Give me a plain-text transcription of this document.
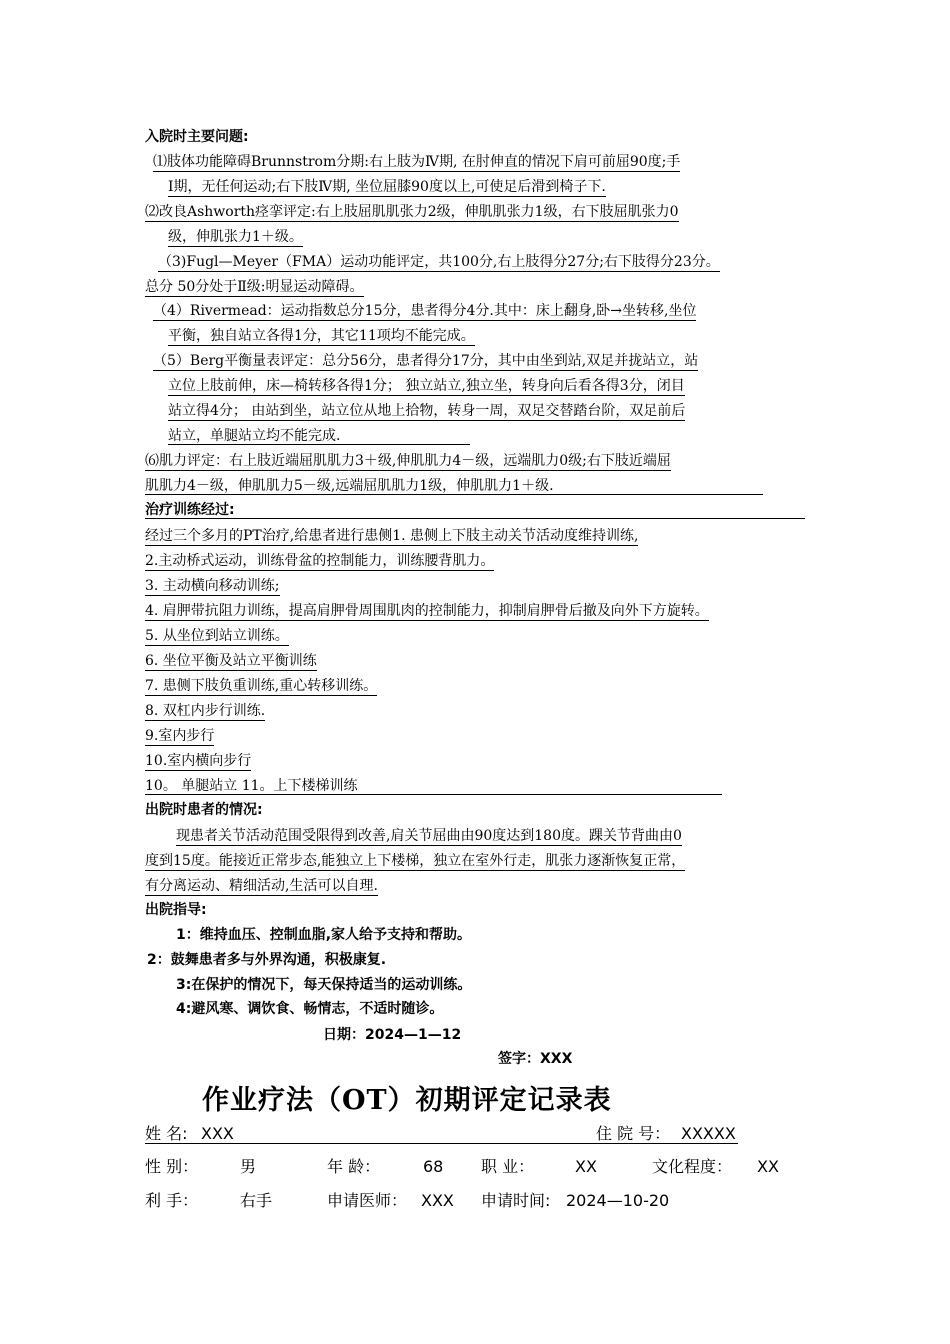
入院时主要问题:
⑴肢体功能障碍Brunnstrom分期:右上肢为Ⅳ期, 在肘伸直的情况下肩可前屈90度;手
Ⅰ期，无任何运动;右下肢Ⅳ期, 坐位屈膝90度以上,可使足后滑到椅子下.
⑵改良Ashworth痉挛评定:右上肢屈肌肌张力2级，伸肌肌张力1级，右下肢屈肌张力0
级，伸肌张力1＋级。
（3)Fugl—Meyer（FMA）运动功能评定，共100分,右上肢得分27分;右下肢得分23分。
总分 50分处于Ⅱ级:明显运动障碍。
（4）Rivermead：运动指数总分15分，患者得分4分.其中：床上翻身,卧→坐转移,坐位
平衡，独自站立各得1分，其它11项均不能完成。
（5）Berg平衡量表评定：总分56分，患者得分17分，其中由坐到站,双足并拢站立，站
立位上肢前伸，床—椅转移各得1分； 独立站立,独立坐，转身向后看各得3分，闭目
站立得4分； 由站到坐，站立位从地上拾物，转身一周，双足交替踏台阶，双足前后
站立，单腿站立均不能完成.
⑹肌力评定：右上肢近端屈肌肌力3＋级,伸肌肌力4－级，远端肌力0级;右下肢近端屈
肌肌力4－级，伸肌肌力5－级,远端屈肌肌力1级，伸肌肌力1＋级.
治疗训练经过:
经过三个多月的PT治疗,给患者进行患侧1. 患侧上下肢主动关节活动度维持训练,
2.主动桥式运动，训练骨盆的控制能力，训练腰背肌力。
3. 主动横向移动训练;
4. 肩胛带抗阻力训练，提高肩胛骨周围肌肉的控制能力，抑制肩胛骨后撤及向外下方旋转。
5. 从坐位到站立训练。
6. 坐位平衡及站立平衡训练
7. 患侧下肢负重训练,重心转移训练。
8. 双杠内步行训练.
9.室内步行
10.室内横向步行
10。 单腿站立 11。上下楼梯训练
出院时患者的情况:
现患者关节活动范围受限得到改善,肩关节屈曲由90度达到180度。踝关节背曲由0
度到15度。能接近正常步态,能独立上下楼梯，独立在室外行走，肌张力逐渐恢复正常，
有分离运动、精细活动,生活可以自理.
出院指导:
1：维持血压、控制血脂,家人给予支持和帮助。
2：鼓舞患者多与外界沟通，积极康复.
3:在保护的情况下，每天保持适当的运动训练。
4:避风寒、调饮食、畅情志，不适时随诊。
日期：2024—1—12
签字：XXX
作业疗法（OT）初期评定记录表
姓 名: XXX	住 院 号： XXXXX
性 别：	男	年 龄：	68 职 业：	XX	文化程度： XX
利 手：	右手	申请医师： XXX 申请时间: 2024—10-20
